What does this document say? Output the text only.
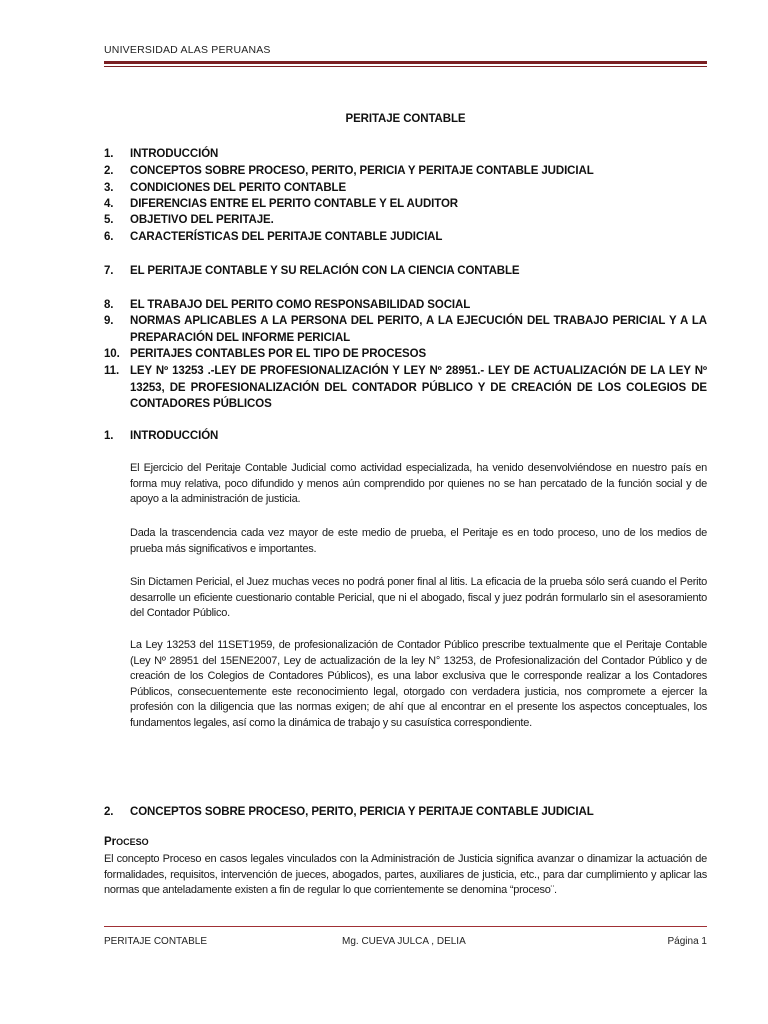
UNIVERSIDAD ALAS PERUANAS
PERITAJE CONTABLE
1. INTRODUCCIÓN
2. CONCEPTOS SOBRE PROCESO, PERITO, PERICIA Y PERITAJE CONTABLE JUDICIAL
3. CONDICIONES DEL PERITO CONTABLE
4. DIFERENCIAS ENTRE EL PERITO CONTABLE Y EL AUDITOR
5. OBJETIVO DEL PERITAJE.
6. CARACTERÍSTICAS DEL PERITAJE CONTABLE JUDICIAL
7. EL PERITAJE CONTABLE Y SU RELACIÓN CON LA CIENCIA CONTABLE
8. EL TRABAJO DEL PERITO COMO RESPONSABILIDAD SOCIAL
9. NORMAS APLICABLES A LA PERSONA DEL PERITO, A LA EJECUCIÓN DEL TRABAJO PERICIAL Y A LA PREPARACIÓN DEL INFORME PERICIAL
10. PERITAJES CONTABLES POR EL TIPO DE PROCESOS
11. LEY Nº 13253 .-LEY DE PROFESIONALIZACIÓN Y LEY Nº 28951.- LEY DE ACTUALIZACIÓN DE LA LEY Nº 13253, DE PROFESIONALIZACIÓN DEL CONTADOR PÚBLICO Y DE CREACIÓN DE LOS COLEGIOS DE CONTADORES PÚBLICOS
1. INTRODUCCIÓN
El Ejercicio del Peritaje Contable Judicial como actividad especializada, ha venido desenvolviéndose en nuestro país en forma muy relativa, poco difundido y menos aún comprendido por quienes no se han percatado de la función social y de apoyo a la administración de justicia.
Dada la trascendencia cada vez mayor de este medio de prueba, el Peritaje es en todo proceso, uno de los medios de prueba más significativos e importantes.
Sin Dictamen Pericial, el Juez muchas veces no podrá poner final al litis. La eficacia de la prueba sólo será cuando el Perito desarrolle un eficiente cuestionario contable Pericial, que ni el abogado, fiscal y juez podrán formularlo sin el asesoramiento del Contador Público.
La Ley 13253 del 11SET1959, de profesionalización de Contador Público prescribe textualmente que el Peritaje Contable (Ley Nº 28951 del 15ENE2007, Ley de actualización de la ley N° 13253, de Profesionalización del Contador Público y de creación de los Colegios de Contadores Públicos), es una labor exclusiva que le corresponde realizar a los Contadores Públicos, consecuentemente este reconocimiento legal, otorgado con verdadera justicia, nos compromete a ejercer la profesión con la diligencia que las normas exigen; de ahí que al encontrar en el presente los aspectos conceptuales, los fundamentos legales, así como la dinámica de trabajo y su casuística correspondiente.
2. CONCEPTOS SOBRE PROCESO, PERITO, PERICIA Y PERITAJE CONTABLE JUDICIAL
PrOCESO
El concepto Proceso en casos legales vinculados con la Administración de Justicia significa avanzar o dinamizar la actuación de formalidades, requisitos, intervención de jueces, abogados, partes, auxiliares de justicia, etc., para dar cumplimiento y aplicar las normas que anteladamente existen a fin de regular lo que corrientemente se denomina “proceso¨.
PERITAJE CONTABLE	Mg. CUEVA JULCA , DELIA	Página 1
